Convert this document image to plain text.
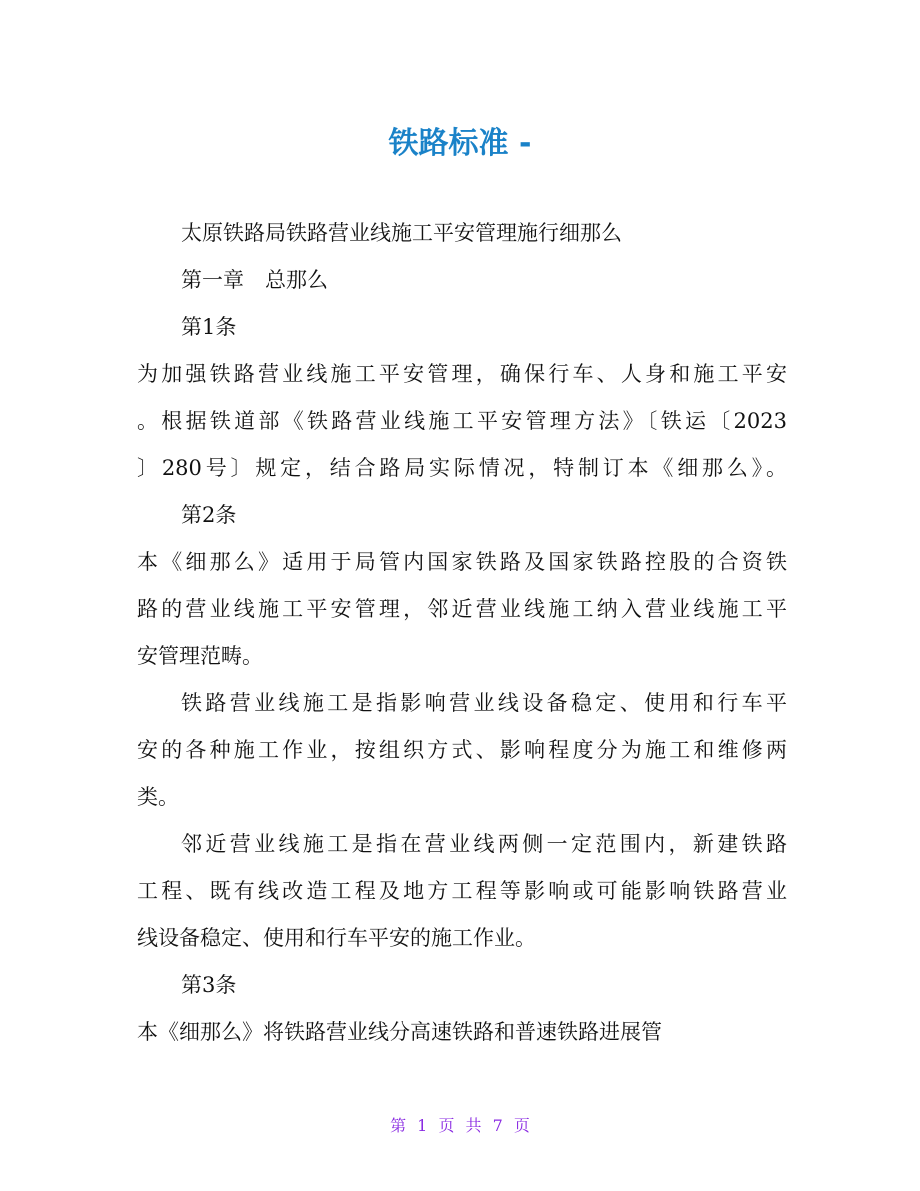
铁路标准 -
太原铁路局铁路营业线施工平安管理施行细那么
第一章　总那么
第1条
为加强铁路营业线施工平安管理，确保行车、人身和施工平安
。根据铁道部《铁路营业线施工平安管理方法》〔铁运〔2023
〕280号〕规定，结合路局实际情况，特制订本《细那么》。
第2条
本《细那么》适用于局管内国家铁路及国家铁路控股的合资铁
路的营业线施工平安管理，邻近营业线施工纳入营业线施工平
安管理范畴。
铁路营业线施工是指影响营业线设备稳定、使用和行车平
安的各种施工作业，按组织方式、影响程度分为施工和维修两
类。
邻近营业线施工是指在营业线两侧一定范围内，新建铁路
工程、既有线改造工程及地方工程等影响或可能影响铁路营业
线设备稳定、使用和行车平安的施工作业。
第3条
本《细那么》将铁路营业线分高速铁路和普速铁路进展管
第 1 页 共 7 页
